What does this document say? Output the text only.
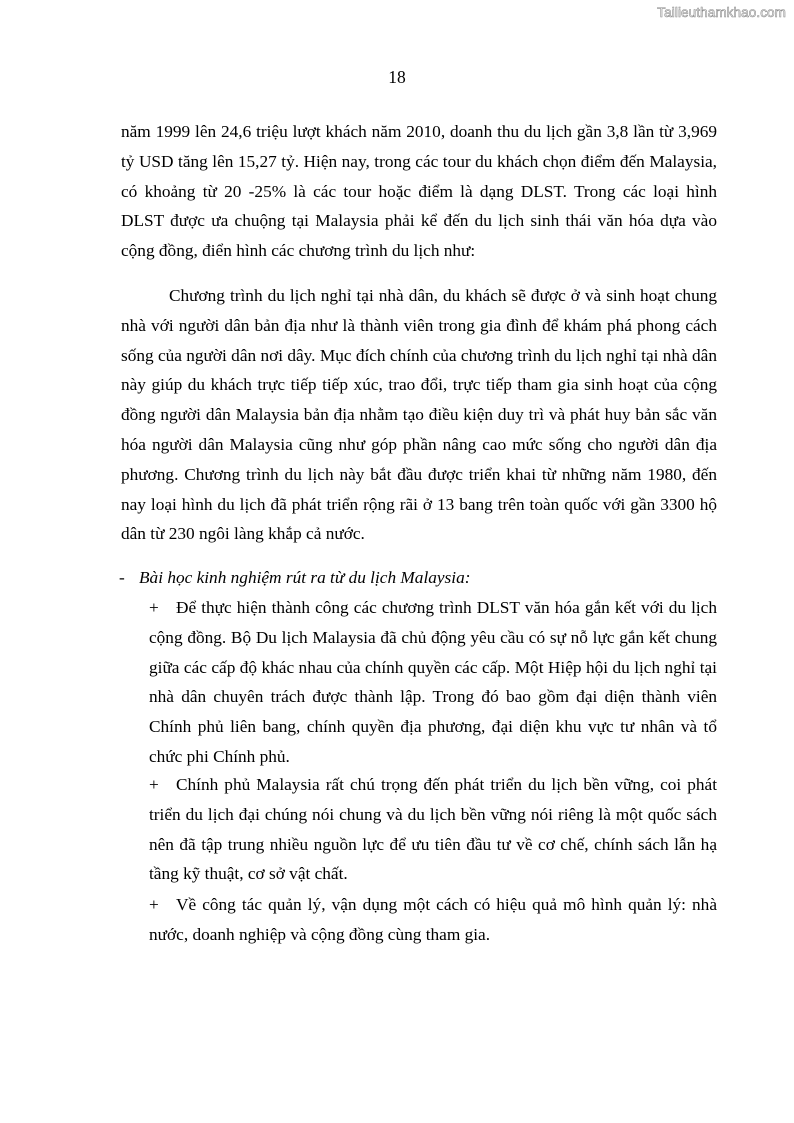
Tailieuthamkhao.com
18

năm 1999 lên 24,6 triệu lượt khách năm 2010, doanh thu du lịch gần 3,8 lần từ 3,969 tỷ USD tăng lên 15,27 tỷ. Hiện nay, trong các tour du khách chọn điểm đến Malaysia, có khoảng từ 20 -25% là các tour hoặc điểm là dạng DLST. Trong các loại hình DLST được ưa chuộng tại Malaysia phải kể đến du lịch sinh thái văn hóa dựa vào cộng đồng, điển hình các chương trình du lịch như:

Chương trình du lịch nghỉ tại nhà dân, du khách sẽ được ở và sinh hoạt chung nhà với người dân bản địa như là thành viên trong gia đình để khám phá phong cách sống của người dân nơi dây. Mục đích chính của chương trình du lịch nghỉ tại nhà dân này giúp du khách trực tiếp tiếp xúc, trao đổi, trực tiếp tham gia sinh hoạt của cộng đồng người dân Malaysia bản địa nhằm tạo điều kiện duy trì và phát huy bản sắc văn hóa người dân Malaysia cũng như góp phần nâng cao mức sống cho người dân địa phương. Chương trình du lịch này bắt đầu được triển khai từ những năm 1980, đến nay loại hình du lịch đã phát triển rộng rãi ở 13 bang trên toàn quốc với gần 3300 hộ dân từ 230 ngôi làng khắp cả nước.

- Bài học kinh nghiệm rút ra từ du lịch Malaysia:

+ Để thực hiện thành công các chương trình DLST văn hóa gắn kết với du lịch cộng đồng. Bộ Du lịch Malaysia đã chủ động yêu cầu có sự nỗ lực gắn kết chung giữa các cấp độ khác nhau của chính quyền các cấp. Một Hiệp hội du lịch nghỉ tại nhà dân chuyên trách được thành lập. Trong đó bao gồm đại diện thành viên Chính phủ liên bang, chính quyền địa phương, đại diện khu vực tư nhân và tổ chức phi Chính phủ.

+ Chính phủ Malaysia rất chú trọng đến phát triển du lịch bền vững, coi phát triển du lịch đại chúng nói chung và du lịch bền vững nói riêng là một quốc sách nên đã tập trung nhiều nguồn lực để ưu tiên đầu tư về cơ chế, chính sách lẫn hạ tầng kỹ thuật, cơ sở vật chất.

+ Về công tác quản lý, vận dụng một cách có hiệu quả mô hình quản lý: nhà nước, doanh nghiệp và cộng đồng cùng tham gia.
